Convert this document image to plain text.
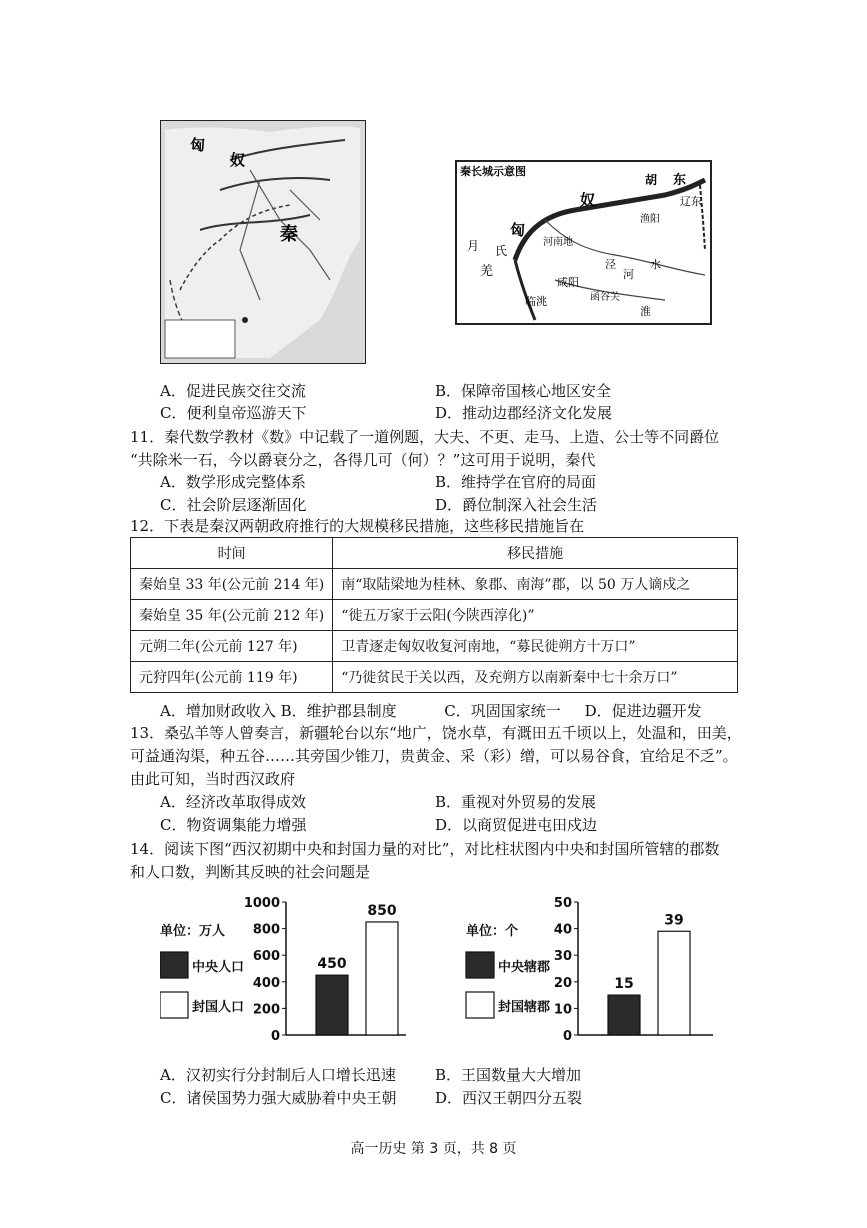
匈
奴
秦
秦长城示意图
胡 东
奴
匈
河南地
月 氏
羌
渔阳
辽东
咸阳
临洮	函谷关
泾
河
水
淮
A．促进民族交往交流	B．保障帝国核心地区安全
C．便利皇帝巡游天下	D．推动边郡经济文化发展
11．秦代数学教材《数》中记载了一道例题，大夫、不更、走马、上造、公士等不同爵位
“共除米一石，今以爵衰分之，各得几可（何）？”这可用于说明，秦代
A．数学形成完整体系	B．维持学在官府的局面
C．社会阶层逐渐固化	D．爵位制深入社会生活
12．下表是秦汉两朝政府推行的大规模移民措施，这些移民措施旨在
时间	移民措施
秦始皇 33 年(公元前 214 年)	南“取陆梁地为桂林、象郡、南海”郡，以 50 万人谪戍之
秦始皇 35 年(公元前 212 年)	“徙五万家于云阳(今陕西淳化)”
元朔二年(公元前 127 年)	卫青逐走匈奴收复河南地，“募民徙朔方十万口”
元狩四年(公元前 119 年)	“乃徙贫民于关以西，及充朔方以南新秦中七十余万口”
A．增加财政收入 B．维护郡县制度          C．巩固国家统一     D．促进边疆开发
13．桑弘羊等人曾奏言，新疆轮台以东“地广，饶水草，有溉田五千顷以上，处温和，田美，
可益通沟渠，种五谷……其旁国少锥刀，贵黄金、采（彩）缯，可以易谷食，宜给足不乏”。
由此可知，当时西汉政府
A．经济改革取得成效	B．重视对外贸易的发展
C．物资调集能力增强	D．以商贸促进屯田戍边
14．阅读下图“西汉初期中央和封国力量的对比”，对比柱状图内中央和封国所管辖的郡数
和人口数，判断其反映的社会问题是
0
200
400
600
800
1000
单位：万人
中央人口	450
封国人口
850
0
10
20
30
40
50
单位：个
中央辖郡
15
封国辖郡
39
A．汉初实行分封制后人口增长迅速	B．王国数量大大增加
C．诸侯国势力强大威胁着中央王朝	D．西汉王朝四分五裂
高一历史 第 3 页，共 8 页
